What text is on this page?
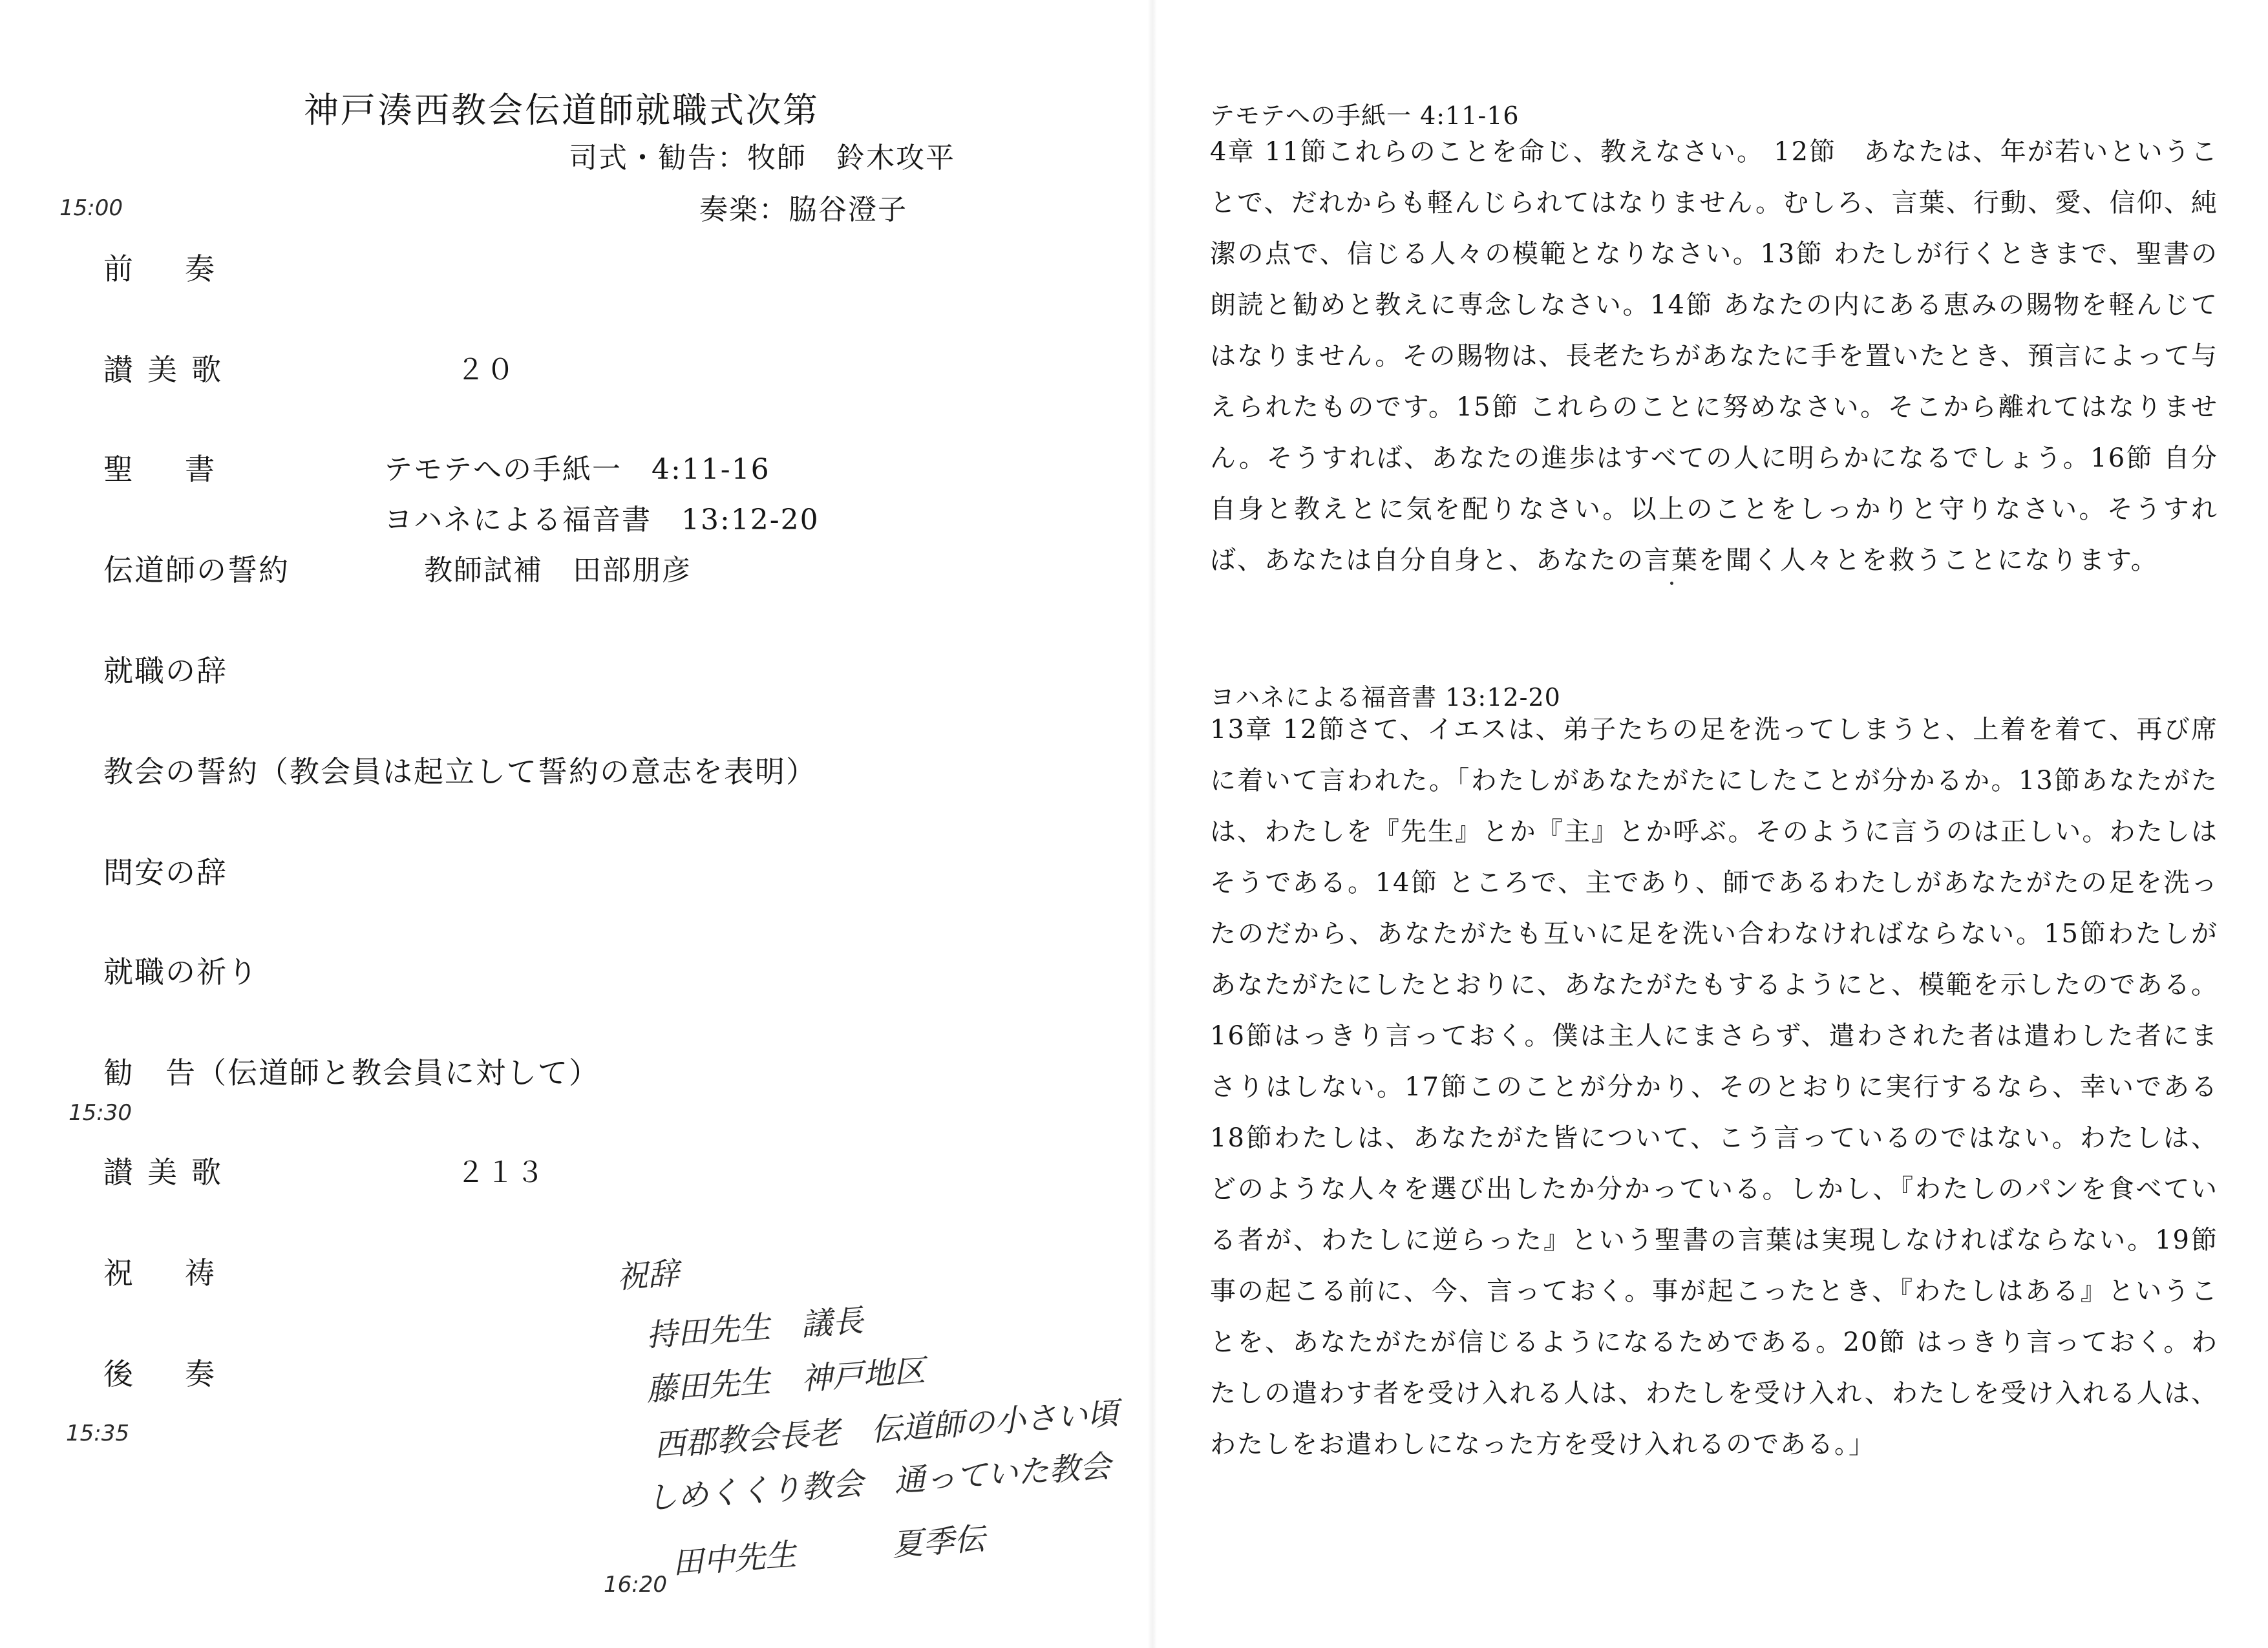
神戸湊西教会伝道師就職式次第
司式・勧告：牧師　鈴木攻平
奏楽：脇谷澄子
15:00
前奏
讃美歌	２０
聖書	テモテへの手紙一　4:11-16
ヨハネによる福音書　13:12-20
伝道師の誓約	教師試補　田部朋彦
就職の辞
教会の誓約（教会員は起立して誓約の意志を表明）
問安の辞
就職の祈り
勧　告（伝道師と教会員に対して）
15:30
讃美歌	２１３
祝祷
後奏
15:35
祝辞
持田先生　議長
藤田先生　神戸地区
西郡教会長老　伝道師の小さい頃
しめくくり教会　通っていた教会
田中先生	夏季伝
16:20
テモテへの手紙一 4:11-16
4章 11節これらのことを命じ、教えなさい。 12節　あなたは、年が若いということで、だれからも軽んじられてはなりません。むしろ、言葉、行動、愛、信仰、純潔の点で、信じる人々の模範となりなさい。13節 わたしが行くときまで、聖書の朗読と勧めと教えに専念しなさい。14節 あなたの内にある恵みの賜物を軽んじてはなりません。その賜物は、長老たちがあなたに手を置いたとき、預言によって与えられたものです。15節 これらのことに努めなさい。そこから離れてはなりません。そうすれば、あなたの進歩はすべての人に明らかになるでしょう。16節 自分自身と教えとに気を配りなさい。以上のことをしっかりと守りなさい。そうすれば、あなたは自分自身と、あなたの言葉を聞く人々とを救うことになります。
ヨハネによる福音書 13:12-20
13章 12節さて、イエスは、弟子たちの足を洗ってしまうと、上着を着て、再び席に着いて言われた。「わたしがあなたがたにしたことが分かるか。13節あなたがたは、わたしを『先生』とか『主』とか呼ぶ。そのように言うのは正しい。わたしはそうである。14節 ところで、主であり、師であるわたしがあなたがたの足を洗ったのだから、あなたがたも互いに足を洗い合わなければならない。15節わたしがあなたがたにしたとおりに、あなたがたもするようにと、模範を示したのである。16節はっきり言っておく。僕は主人にまさらず、遣わされた者は遣わした者にまさりはしない。17節このことが分かり、そのとおりに実行するなら、幸いである 18節わたしは、あなたがた皆について、こう言っているのではない。わたしは、どのような人々を選び出したか分かっている。しかし、『わたしのパンを食べている者が、わたしに逆らった』という聖書の言葉は実現しなければならない。19節 事の起こる前に、今、言っておく。事が起こったとき、『わたしはある』ということを、あなたがたが信じるようになるためである。20節 はっきり言っておく。わたしの遣わす者を受け入れる人は、わたしを受け入れ、わたしを受け入れる人は、わたしをお遣わしになった方を受け入れるのである。」
